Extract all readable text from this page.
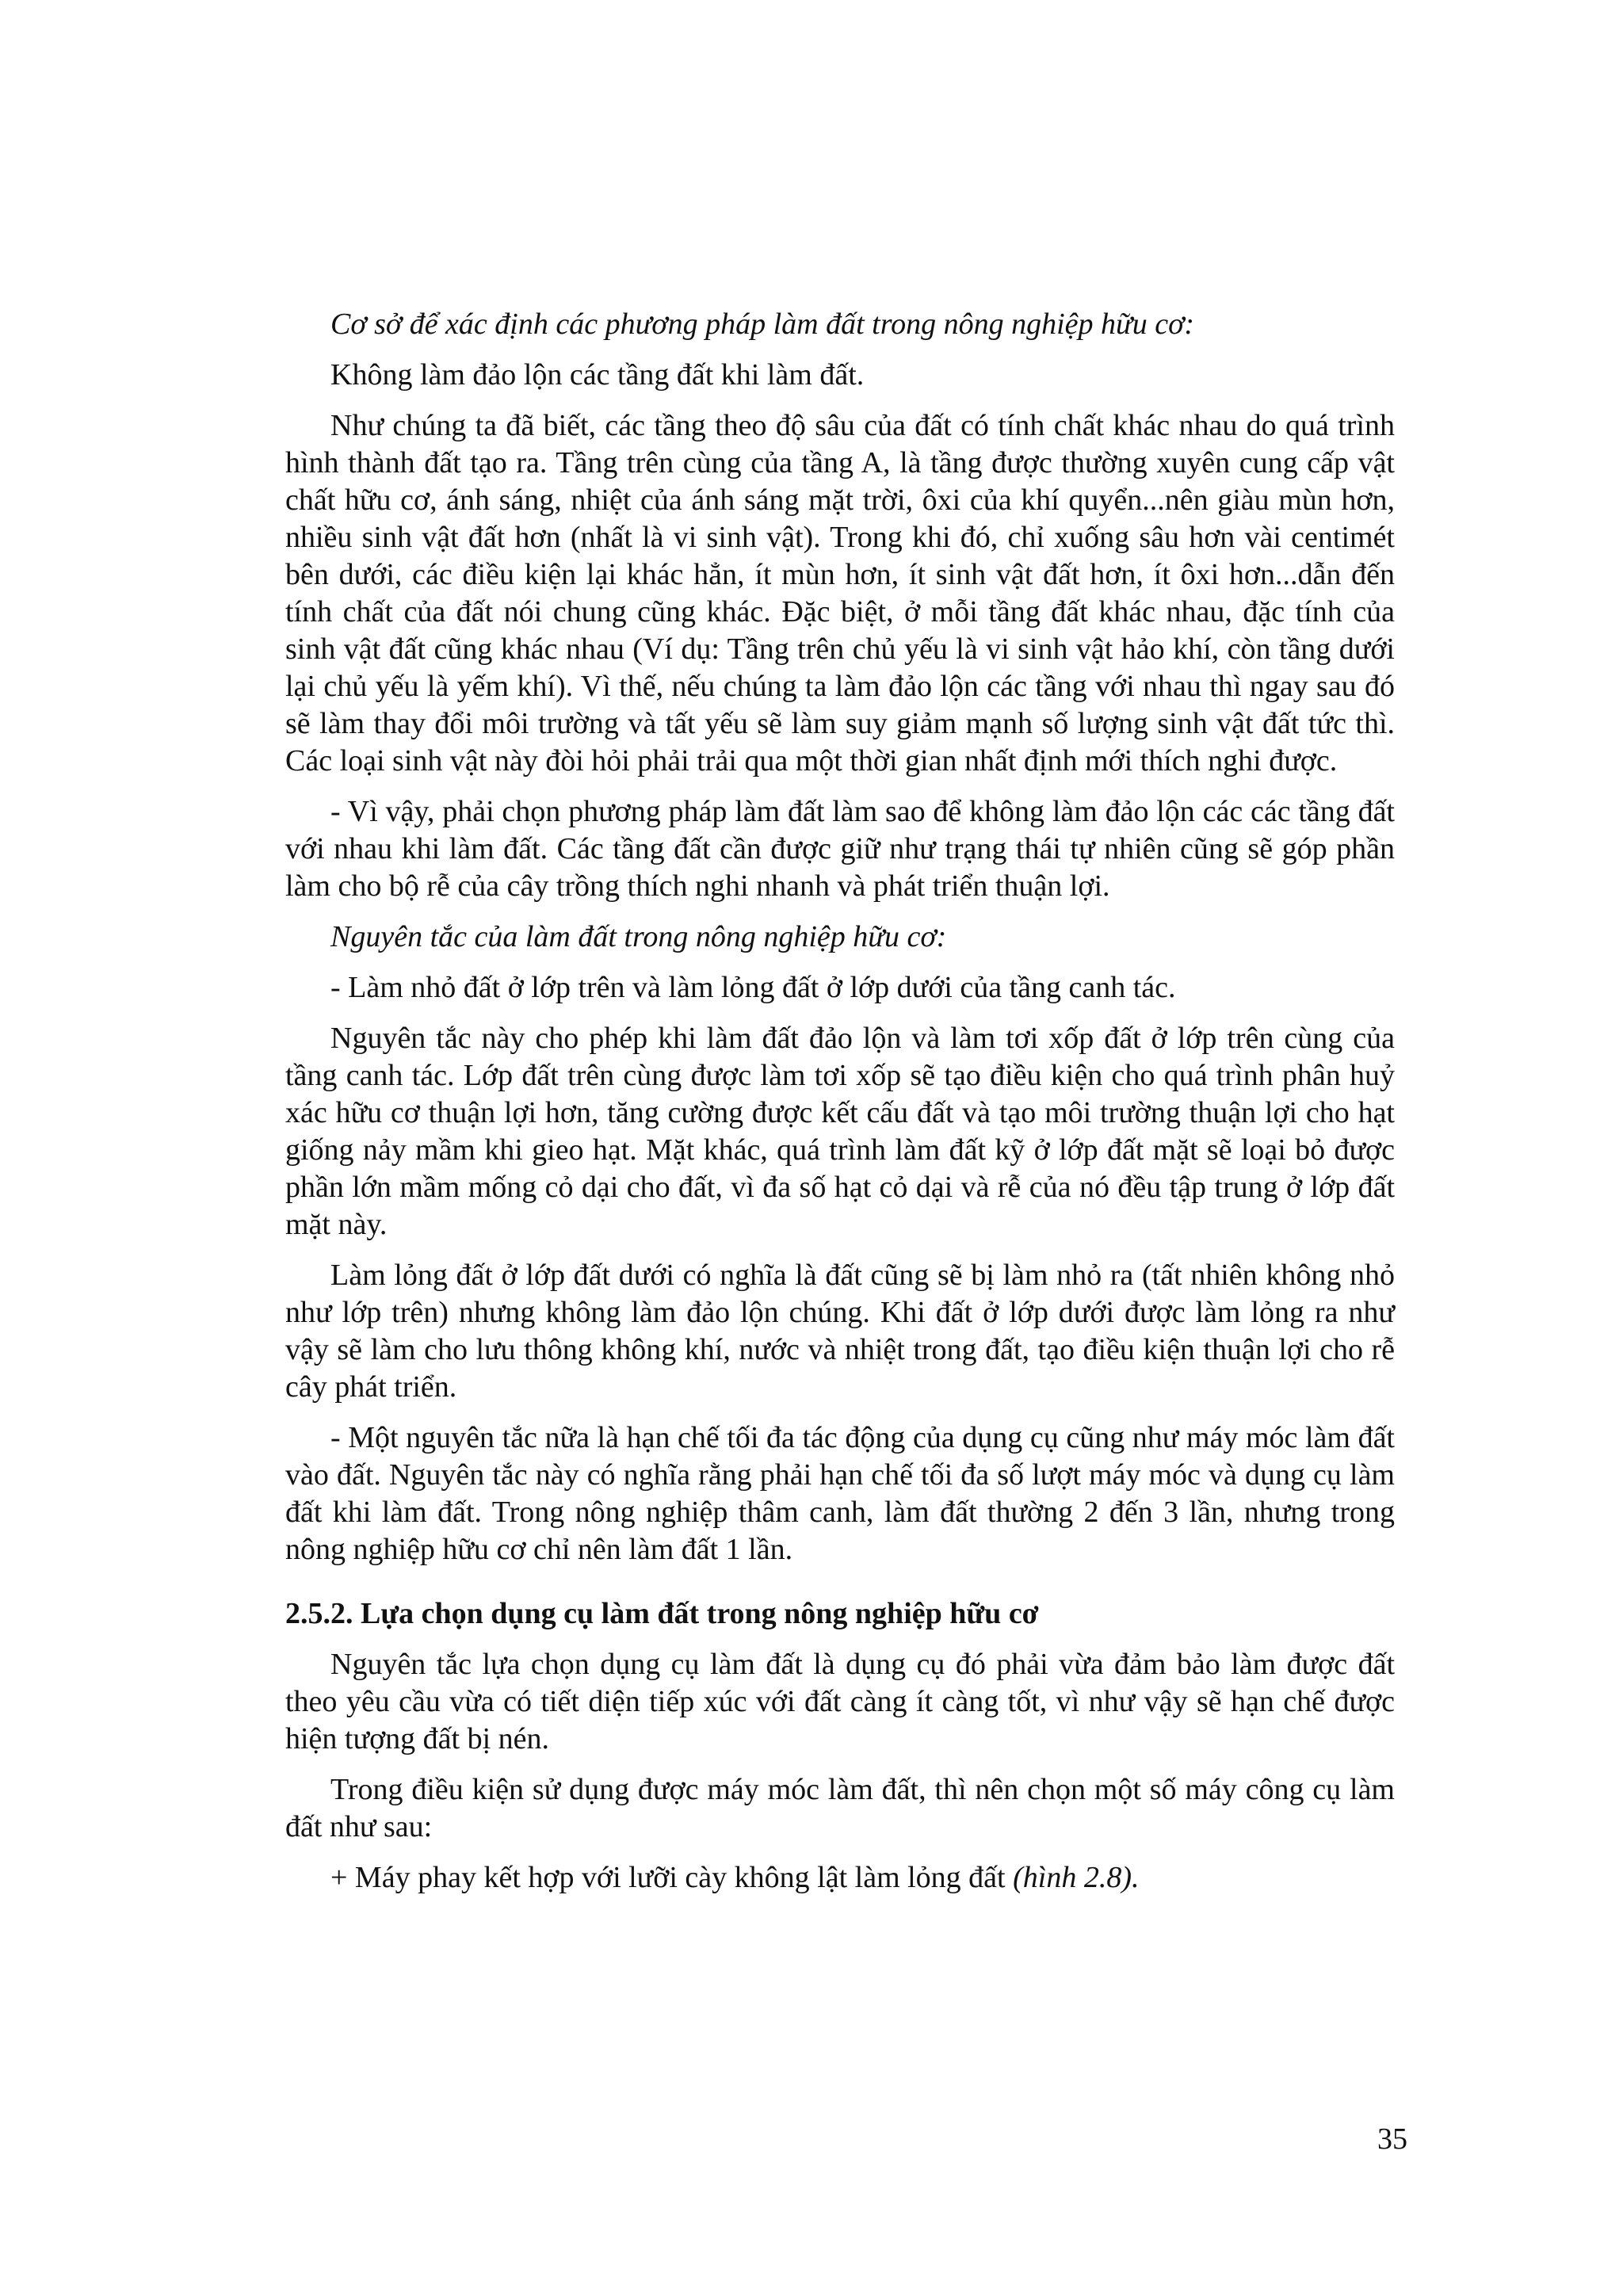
Cơ sở để xác định các phương pháp làm đất trong nông nghiệp hữu cơ:

Không làm đảo lộn các tầng đất khi làm đất.

Như chúng ta đã biết, các tầng theo độ sâu của đất có tính chất khác nhau do quá trình hình thành đất tạo ra. Tầng trên cùng của tầng A, là tầng được thường xuyên cung cấp vật chất hữu cơ, ánh sáng, nhiệt của ánh sáng mặt trời, ôxi của khí quyển...nên giàu mùn hơn, nhiều sinh vật đất hơn (nhất là vi sinh vật). Trong khi đó, chỉ xuống sâu hơn vài centimét bên dưới, các điều kiện lại khác hẳn, ít mùn hơn, ít sinh vật đất hơn, ít ôxi hơn...dẫn đến tính chất của đất nói chung cũng khác. Đặc biệt, ở mỗi tầng đất khác nhau, đặc tính của sinh vật đất cũng khác nhau (Ví dụ: Tầng trên chủ yếu là vi sinh vật hảo khí, còn tầng dưới lại chủ yếu là yếm khí). Vì thế, nếu chúng ta làm đảo lộn các tầng với nhau thì ngay sau đó sẽ làm thay đổi môi trường và tất yếu sẽ làm suy giảm mạnh số lượng sinh vật đất tức thì. Các loại sinh vật này đòi hỏi phải trải qua một thời gian nhất định mới thích nghi được.

- Vì vậy, phải chọn phương pháp làm đất làm sao để không làm đảo lộn các các tầng đất với nhau khi làm đất. Các tầng đất cần được giữ như trạng thái tự nhiên cũng sẽ góp phần làm cho bộ rễ của cây trồng thích nghi nhanh và phát triển thuận lợi.

Nguyên tắc của làm đất trong nông nghiệp hữu cơ:

- Làm nhỏ đất ở lớp trên và làm lỏng đất ở lớp dưới của tầng canh tác.

Nguyên tắc này cho phép khi làm đất đảo lộn và làm tơi xốp đất ở lớp trên cùng của tầng canh tác. Lớp đất trên cùng được làm tơi xốp sẽ tạo điều kiện cho quá trình phân huỷ xác hữu cơ thuận lợi hơn, tăng cường được kết cấu đất và tạo môi trường thuận lợi cho hạt giống nảy mầm khi gieo hạt. Mặt khác, quá trình làm đất kỹ ở lớp đất mặt sẽ loại bỏ được phần lớn mầm mống cỏ dại cho đất, vì đa số hạt cỏ dại và rễ của nó đều tập trung ở lớp đất mặt này.

Làm lỏng đất ở lớp đất dưới có nghĩa là đất cũng sẽ bị làm nhỏ ra (tất nhiên không nhỏ như lớp trên) nhưng không làm đảo lộn chúng. Khi đất ở lớp dưới được làm lỏng ra như vậy sẽ làm cho lưu thông không khí, nước và nhiệt trong đất, tạo điều kiện thuận lợi cho rễ cây phát triển.

- Một nguyên tắc nữa là hạn chế tối đa tác động của dụng cụ cũng như máy móc làm đất vào đất. Nguyên tắc này có nghĩa rằng phải hạn chế tối đa số lượt máy móc và dụng cụ làm đất khi làm đất. Trong nông nghiệp thâm canh, làm đất thường 2 đến 3 lần, nhưng trong nông nghiệp hữu cơ chỉ nên làm đất 1 lần.

2.5.2. Lựa chọn dụng cụ làm đất trong nông nghiệp hữu cơ

Nguyên tắc lựa chọn dụng cụ làm đất là dụng cụ đó phải vừa đảm bảo làm được đất theo yêu cầu vừa có tiết diện tiếp xúc với đất càng ít càng tốt, vì như vậy sẽ hạn chế được hiện tượng đất bị nén.

Trong điều kiện sử dụng được máy móc làm đất, thì nên chọn một số máy công cụ làm đất như sau:

+ Máy phay kết hợp với lưỡi cày không lật làm lỏng đất (hình 2.8).

35
